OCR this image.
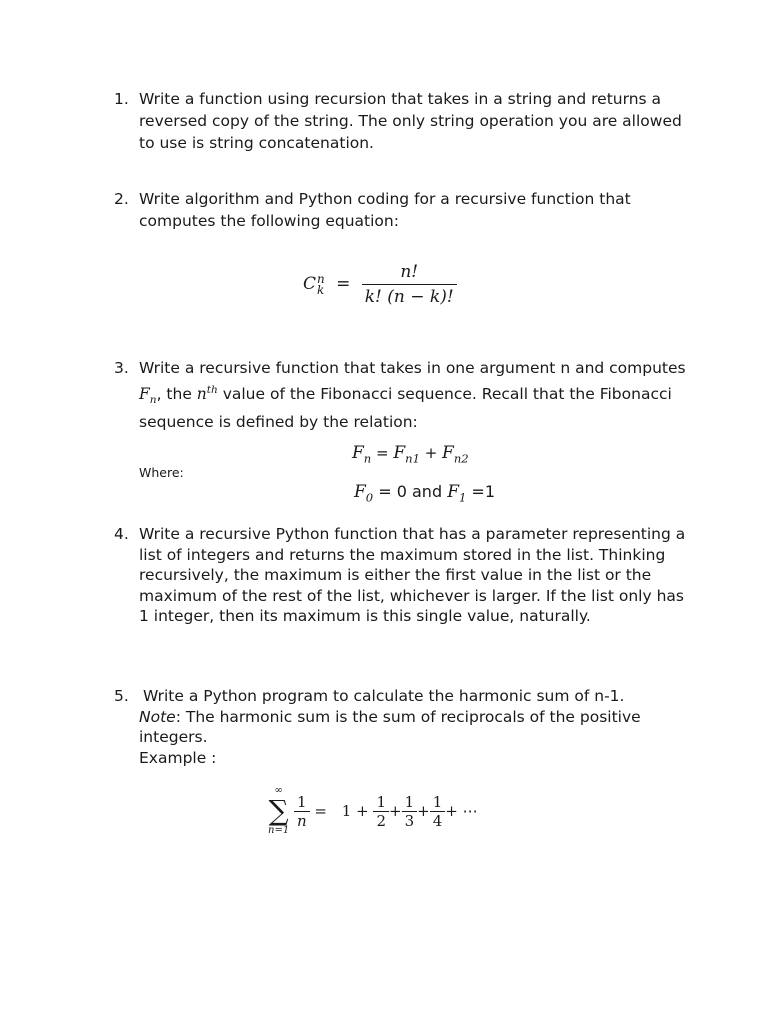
1. Write a function using recursion that takes in a string and returns a reversed copy of the string. The only string operation you are allowed to use is string concatenation.
2. Write algorithm and Python coding for a recursive function that computes the following equation:
C n
$k = \frac{n!}{k! (n - k)!}$
3. Write a recursive function that takes in one argument n and computes $F_n$, the $n^{th}$ value of the Fibonacci sequence. Recall that the Fibonacci sequence is defined by the relation:
$F_n = F_{n1} + F_{n2}$
Where:
$F_0 = 0$ and $F_1 =1$
4. Write a recursive Python function that has a parameter representing a list of integers and returns the maximum stored in the list. Thinking recursively, the maximum is either the first value in the list or the maximum of the rest of the list, whichever is larger. If the list only has 1 integer, then its maximum is this single value, naturally.
5. Write a Python program to calculate the harmonic sum of n-1.
Note: The harmonic sum is the sum of reciprocals of the positive integers.
Example :
∞
∑
n=1

$\frac{1}{n} = 1 + \frac{1}{2} + \frac{1}{3} + \frac{1}{4}$ + ⋯
